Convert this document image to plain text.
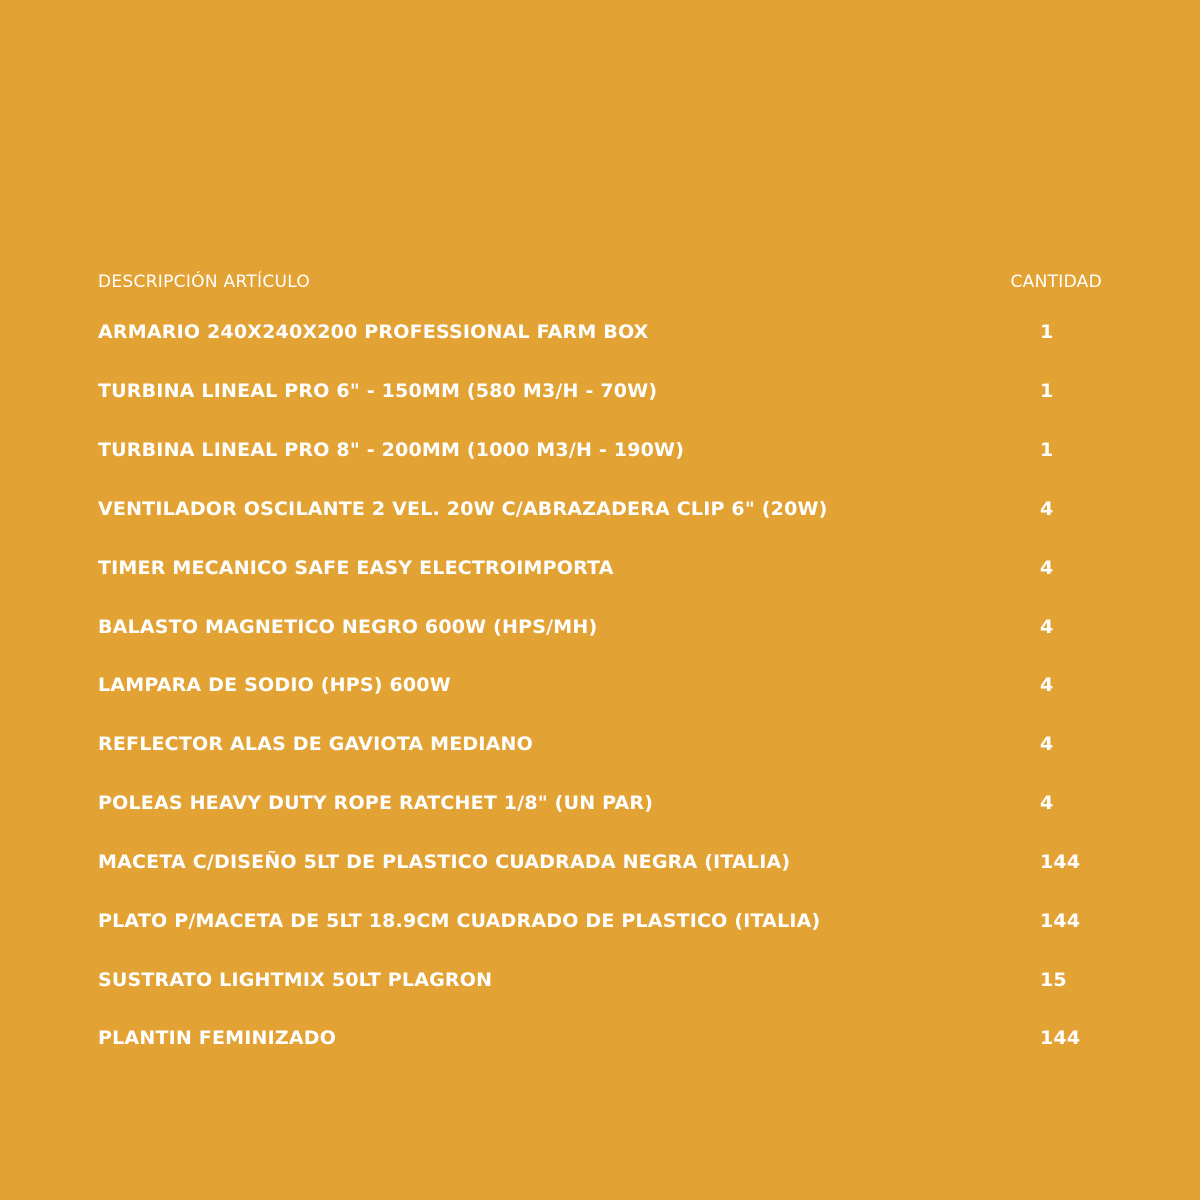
DESCRIPCIÓN ARTÍCULO	CANTIDAD
ARMARIO 240X240X200 PROFESSIONAL FARM BOX	1
TURBINA LINEAL PRO 6" - 150MM (580 M3/H - 70W)	1
TURBINA LINEAL PRO 8" - 200MM (1000 M3/H - 190W)	1
VENTILADOR OSCILANTE 2 VEL. 20W C/ABRAZADERA CLIP 6" (20W)	4
TIMER MECANICO SAFE EASY ELECTROIMPORTA	4
BALASTO MAGNETICO NEGRO 600W (HPS/MH)	4
LAMPARA DE SODIO (HPS) 600W	4
REFLECTOR ALAS DE GAVIOTA MEDIANO	4
POLEAS HEAVY DUTY ROPE RATCHET 1/8" (UN PAR)	4
MACETA C/DISEÑO 5LT DE PLASTICO CUADRADA NEGRA (ITALIA)	144
PLATO P/MACETA DE 5LT 18.9CM CUADRADO DE PLASTICO (ITALIA)	144
SUSTRATO LIGHTMIX 50LT PLAGRON	15
PLANTIN FEMINIZADO	144
